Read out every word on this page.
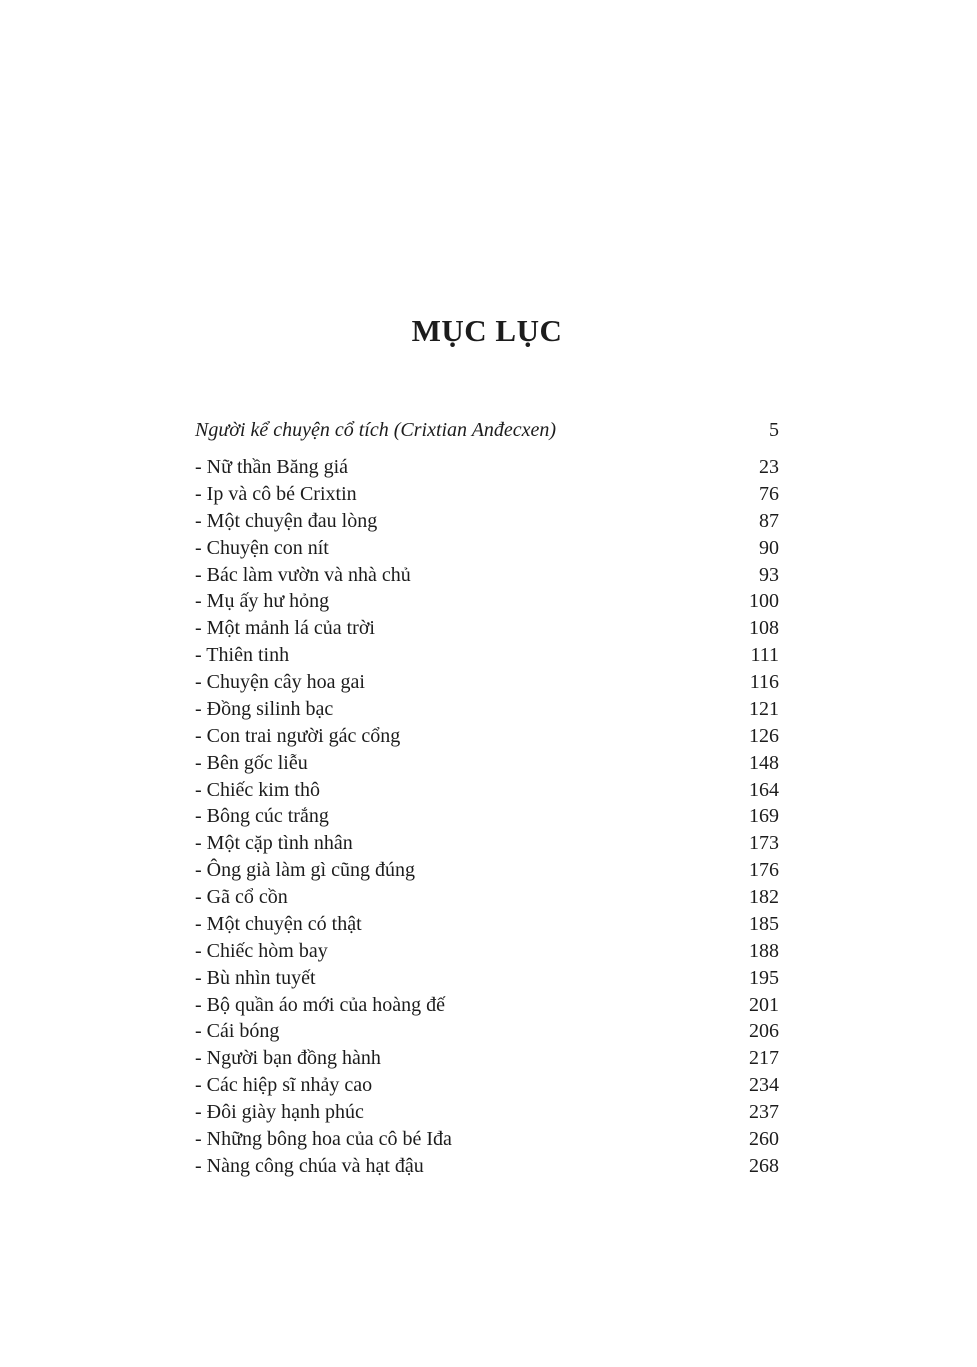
MỤC LỤC
Người kể chuyện cổ tích (Crixtian Anđecxen)	5
- Nữ thần Băng giá	23
- Ip và cô bé Crixtin	76
- Một chuyện đau lòng	87
- Chuyện con nít	90
- Bác làm vườn và nhà chủ	93
- Mụ ấy hư hỏng	100
- Một mảnh lá của trời	108
- Thiên tinh	111
- Chuyện cây hoa gai	116
- Đồng silinh bạc	121
- Con trai người gác cổng	126
- Bên gốc liễu	148
- Chiếc kim thô	164
- Bông cúc trắng	169
- Một cặp tình nhân	173
- Ông già làm gì cũng đúng	176
- Gã cổ cồn	182
- Một chuyện có thật	185
- Chiếc hòm bay	188
- Bù nhìn tuyết	195
- Bộ quần áo mới của hoàng đế	201
- Cái bóng	206
- Người bạn đồng hành	217
- Các hiệp sĩ nhảy cao	234
- Đôi giày hạnh phúc	237
- Những bông hoa của cô bé Iđa	260
- Nàng công chúa và hạt đậu	268
